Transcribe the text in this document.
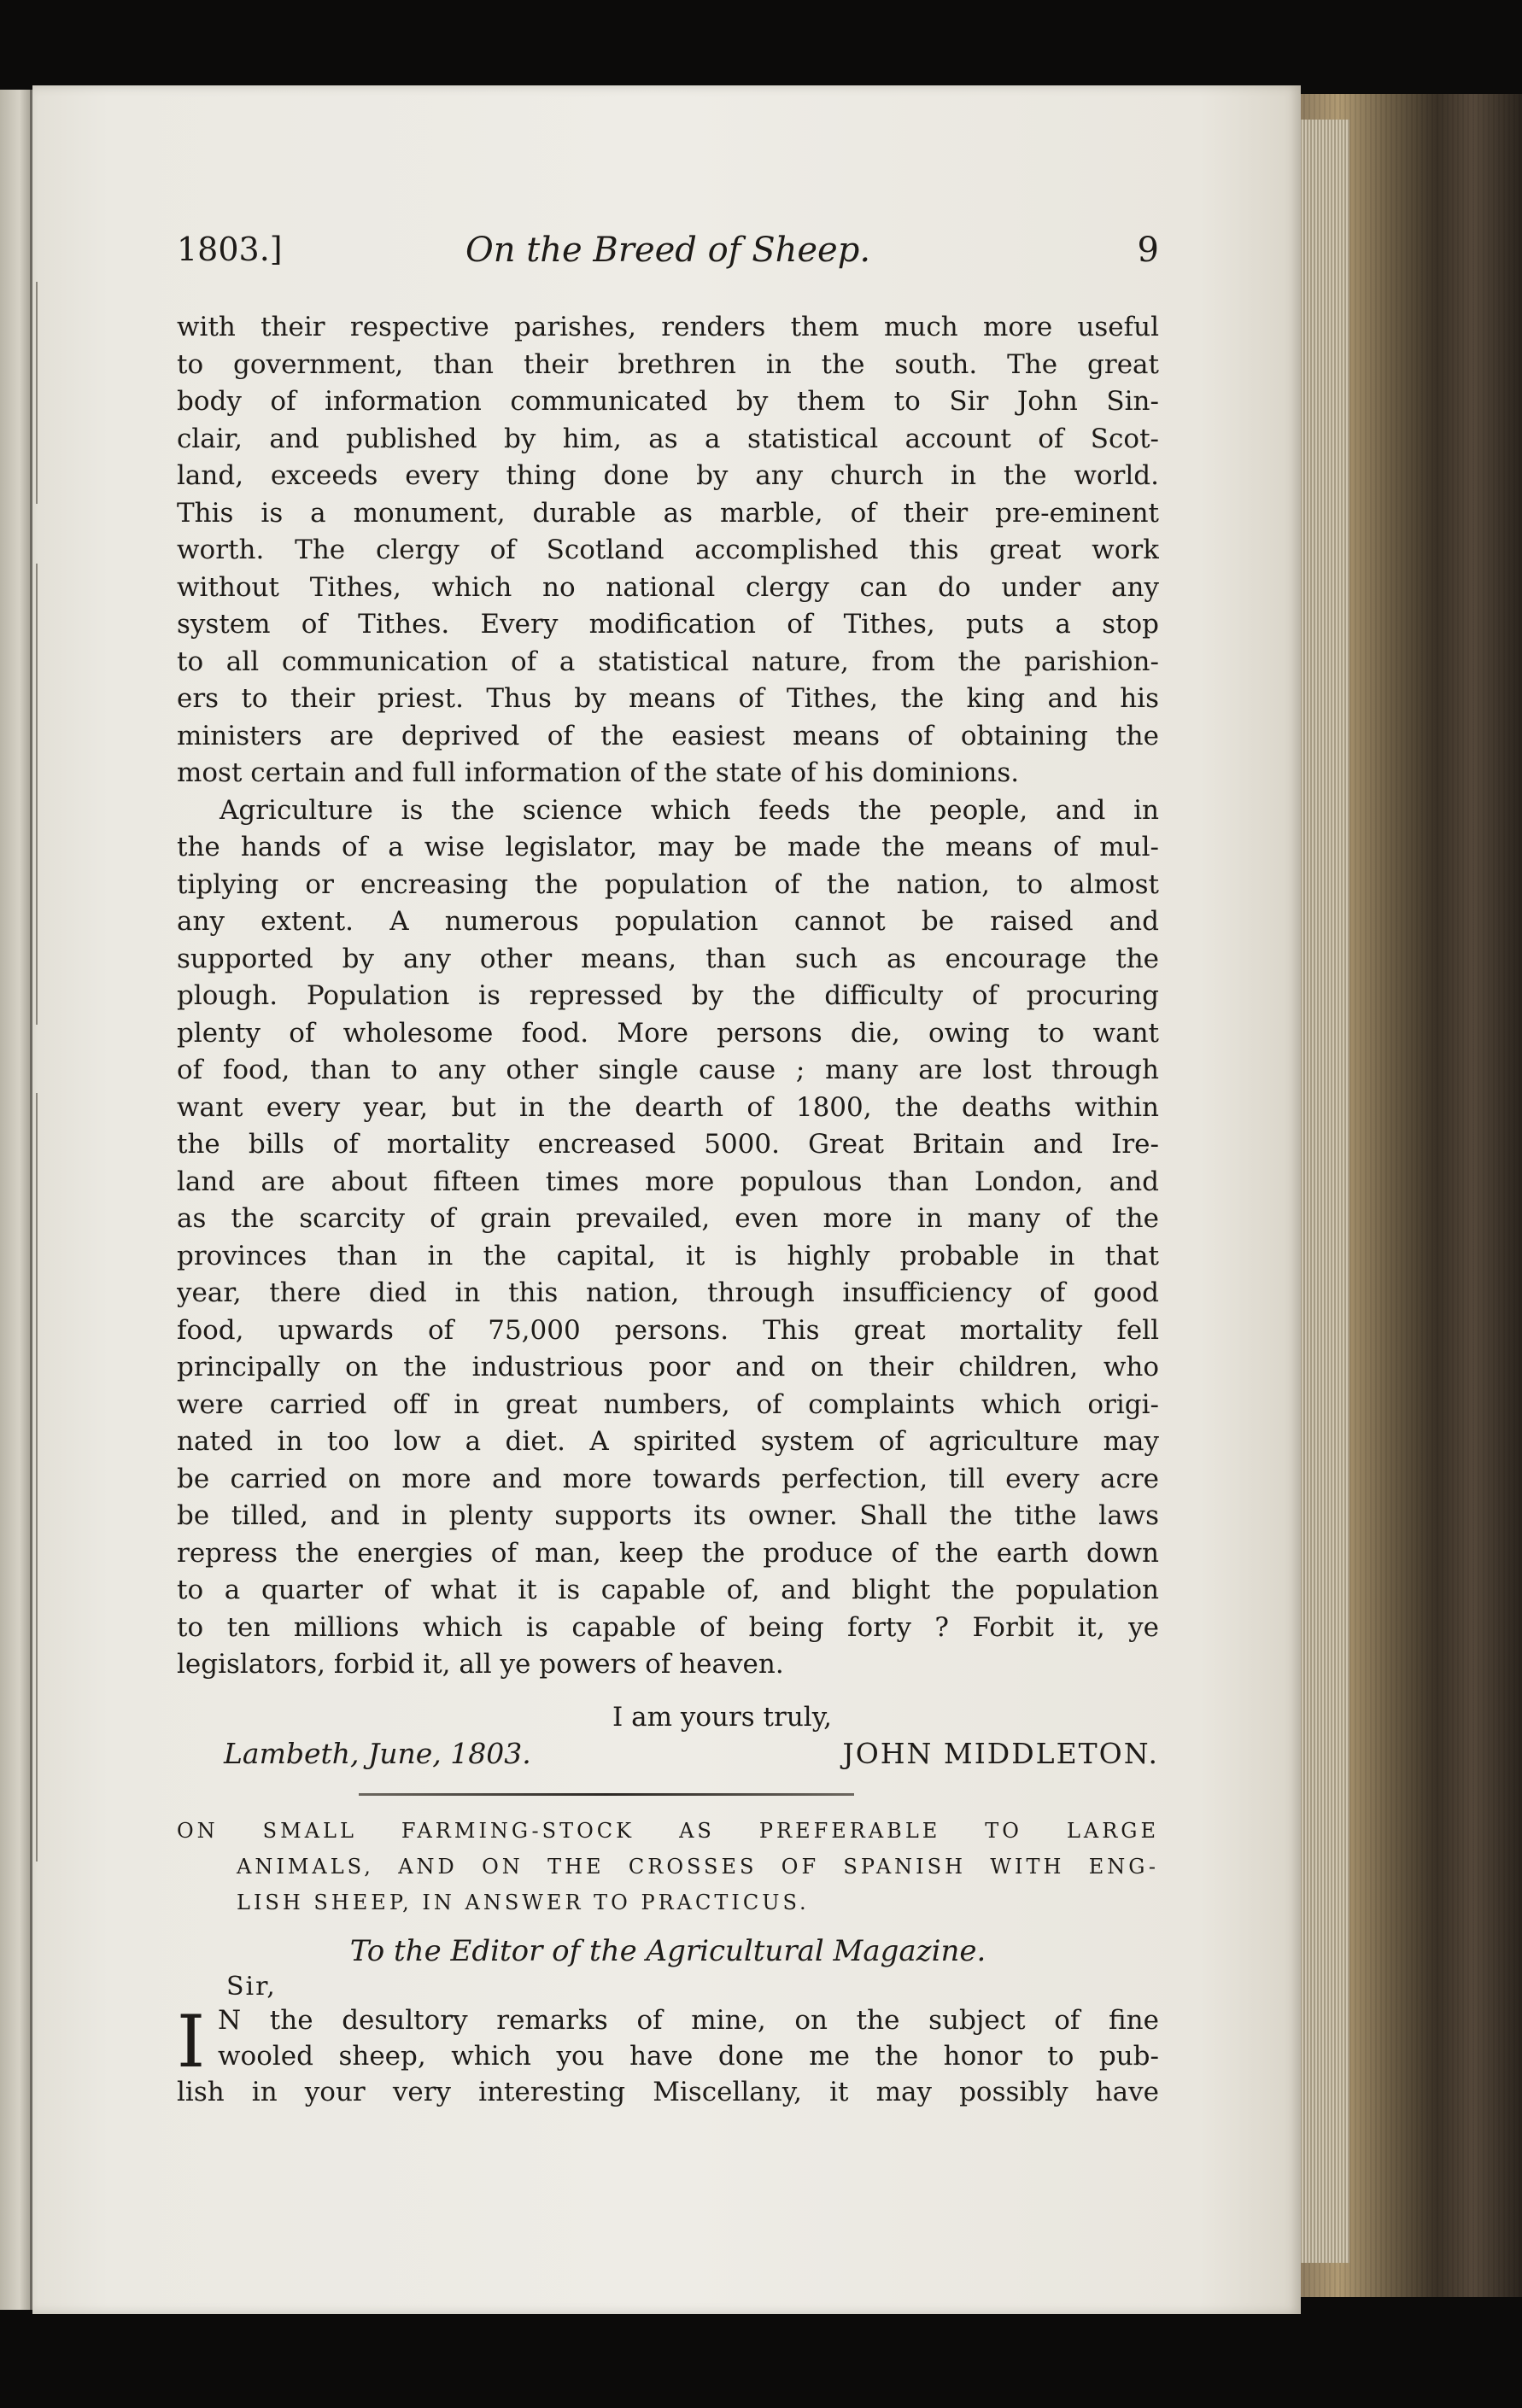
1803.]	On the Breed of Sheep.	9
with their respective parishes, renders them much more useful
to government, than their brethren in the south. The great
body of information communicated by them to Sir John Sin-
clair, and published by him, as a statistical account of Scot-
land, exceeds every thing done by any church in the world.
This is a monument, durable as marble, of their pre-eminent
worth. The clergy of Scotland accomplished this great work
without Tithes, which no national clergy can do under any
system of Tithes. Every modification of Tithes, puts a stop
to all communication of a statistical nature, from the parishion-
ers to their priest. Thus by means of Tithes, the king and his
ministers are deprived of the easiest means of obtaining the
most certain and full information of the state of his dominions.
Agriculture is the science which feeds the people, and in
the hands of a wise legislator, may be made the means of mul-
tiplying or encreasing the population of the nation, to almost
any extent. A numerous population cannot be raised and
supported by any other means, than such as encourage the
plough. Population is repressed by the difficulty of procuring
plenty of wholesome food. More persons die, owing to want
of food, than to any other single cause ; many are lost through
want every year, but in the dearth of 1800, the deaths within
the bills of mortality encreased 5000. Great Britain and Ire-
land are about fifteen times more populous than London, and
as the scarcity of grain prevailed, even more in many of the
provinces than in the capital, it is highly probable in that
year, there died in this nation, through insufficiency of good
food, upwards of 75,000 persons. This great mortality fell
principally on the industrious poor and on their children, who
were carried off in great numbers, of complaints which origi-
nated in too low a diet. A spirited system of agriculture may
be carried on more and more towards perfection, till every acre
be tilled, and in plenty supports its owner. Shall the tithe laws
repress the energies of man, keep the produce of the earth down
to a quarter of what it is capable of, and blight the population
to ten millions which is capable of being forty ? Forbit it, ye
legislators, forbid it, all ye powers of heaven.
I am yours truly,
Lambeth, June, 1803.	JOHN MIDDLETON.
ON SMALL FARMING-STOCK AS PREFERABLE TO LARGE
ANIMALS, AND ON THE CROSSES OF SPANISH WITH ENG-
LISH SHEEP, IN ANSWER TO PRACTICUS.
To the Editor of the Agricultural Magazine.
Sir,
I N the desultory remarks of mine, on the subject of fine
wooled sheep, which you have done me the honor to pub-
lish in your very interesting Miscellany, it may possibly have
